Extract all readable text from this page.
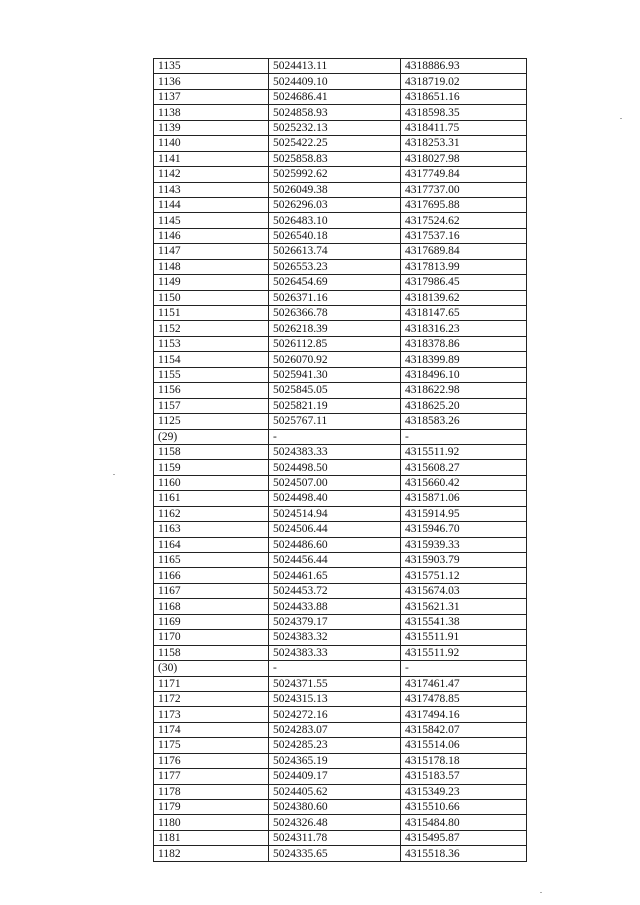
1135	5024413.11	4318886.93
1136	5024409.10	4318719.02
1137	5024686.41	4318651.16
1138	5024858.93	4318598.35
1139	5025232.13	4318411.75
1140	5025422.25	4318253.31
1141	5025858.83	4318027.98
1142	5025992.62	4317749.84
1143	5026049.38	4317737.00
1144	5026296.03	4317695.88
1145	5026483.10	4317524.62
1146	5026540.18	4317537.16
1147	5026613.74	4317689.84
1148	5026553.23	4317813.99
1149	5026454.69	4317986.45
1150	5026371.16	4318139.62
1151	5026366.78	4318147.65
1152	5026218.39	4318316.23
1153	5026112.85	4318378.86
1154	5026070.92	4318399.89
1155	5025941.30	4318496.10
1156	5025845.05	4318622.98
1157	5025821.19	4318625.20
1125	5025767.11	4318583.26
(29)	-	-
1158	5024383.33	4315511.92
1159	5024498.50	4315608.27
1160	5024507.00	4315660.42
1161	5024498.40	4315871.06
1162	5024514.94	4315914.95
1163	5024506.44	4315946.70
1164	5024486.60	4315939.33
1165	5024456.44	4315903.79
1166	5024461.65	4315751.12
1167	5024453.72	4315674.03
1168	5024433.88	4315621.31
1169	5024379.17	4315541.38
1170	5024383.32	4315511.91
1158	5024383.33	4315511.92
(30)	-	-
1171	5024371.55	4317461.47
1172	5024315.13	4317478.85
1173	5024272.16	4317494.16
1174	5024283.07	4315842.07
1175	5024285.23	4315514.06
1176	5024365.19	4315178.18
1177	5024409.17	4315183.57
1178	5024405.62	4315349.23
1179	5024380.60	4315510.66
1180	5024326.48	4315484.80
1181	5024311.78	4315495.87
1182	5024335.65	4315518.36
